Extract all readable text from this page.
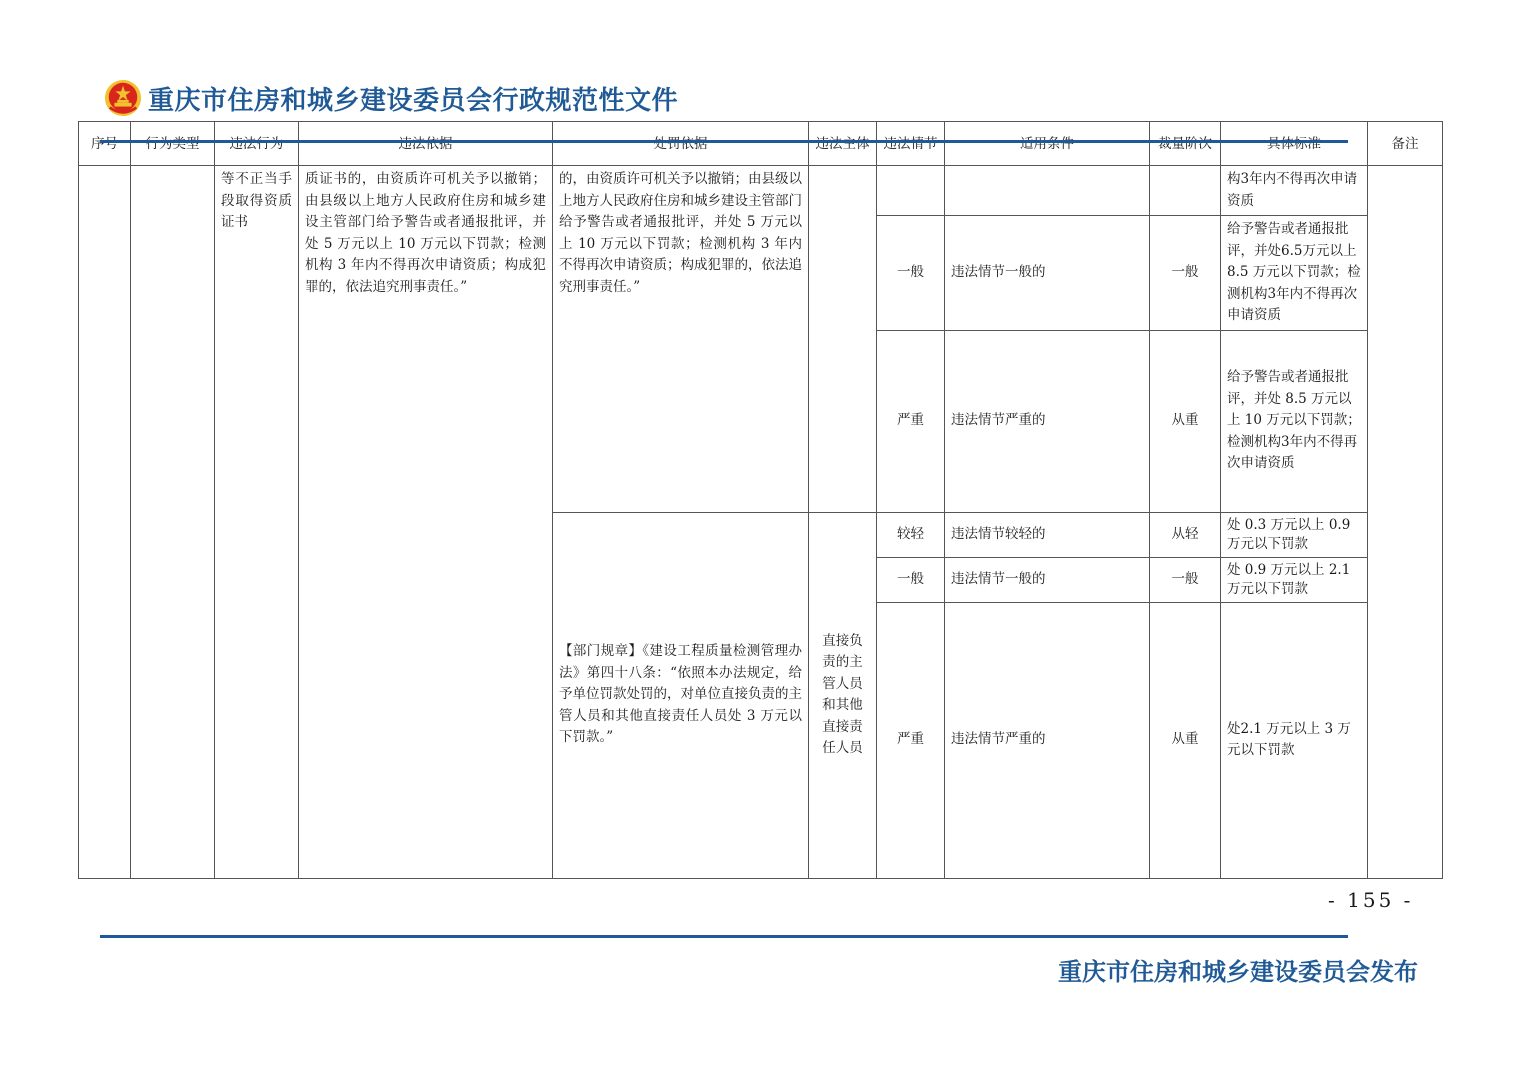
重庆市住房和城乡建设委员会行政规范性文件
序号	行为类型	违法行为	违法依据	处罚依据	违法主体	违法情节	适用条件	裁量阶次	具体标准	备注
		等不正当手段取得资质证书	质证书的，由资质许可机关予以撤销；由县级以上地方人民政府住房和城乡建设主管部门给予警告或者通报批评，并处 5 万元以上 10 万元以下罚款；检测机构 3 年内不得再次申请资质；构成犯罪的，依法追究刑事责任。”	的，由资质许可机关予以撤销；由县级以上地方人民政府住房和城乡建设主管部门给予警告或者通报批评，并处 5 万元以上 10 万元以下罚款；检测机构 3 年内不得再次申请资质；构成犯罪的，依法追究刑事责任。”					构3年内不得再次申请资质	
						一般	违法情节一般的	一般	给予警告或者通报批评，并处6.5万元以上8.5 万元以下罚款；检测机构3年内不得再次申请资质	
						严重	违法情节严重的	从重	给予警告或者通报批评，并处 8.5 万元以上 10 万元以下罚款；检测机构3年内不得再次申请资质	
				【部门规章】《建设工程质量检测管理办法》第四十八条：“依照本办法规定，给予单位罚款处罚的，对单位直接负责的主管人员和其他直接责任人员处 3 万元以下罚款。”	直接负责的主管人员和其他直接责任人员	较轻	违法情节较轻的	从轻	处 0.3 万元以上 0.9 万元以下罚款	
						一般	违法情节一般的	一般	处 0.9 万元以上 2.1 万元以下罚款	
						严重	违法情节严重的	从重	处2.1 万元以上 3 万元以下罚款	
- 155 -
重庆市住房和城乡建设委员会发布
